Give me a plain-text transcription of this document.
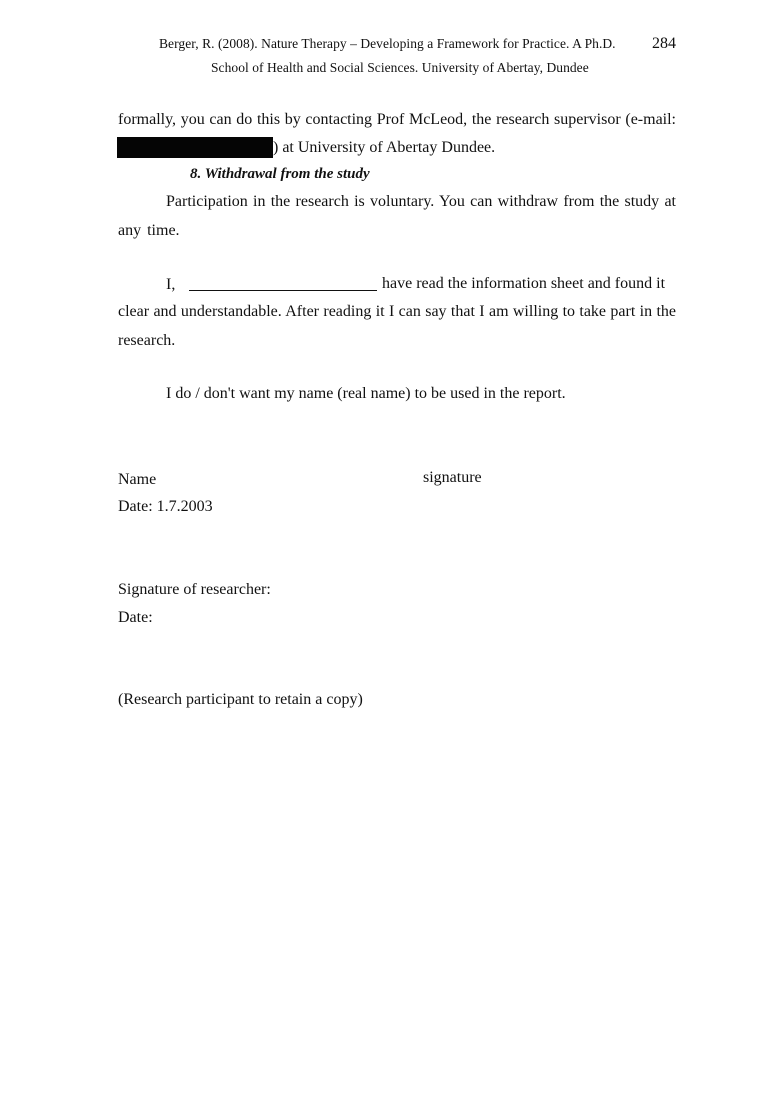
Berger, R. (2008). Nature Therapy – Developing a Framework for Practice. A Ph.D. 284
School of Health and Social Sciences. University of Abertay, Dundee
formally, you can do this by contacting Prof McLeod, the research supervisor (e-mail:
) at University of Abertay Dundee.
8. Withdrawal from the study
Participation in the research is voluntary. You can withdraw from the study at
any time.
I,	have read the information sheet and found it
clear and understandable. After reading it I can say that I am willing to take part in the
research.
I do / don't want my name (real name) to be used in the report.
Name	signature
Date: 1.7.2003
Signature of researcher:
Date:
(Research participant to retain a copy)
